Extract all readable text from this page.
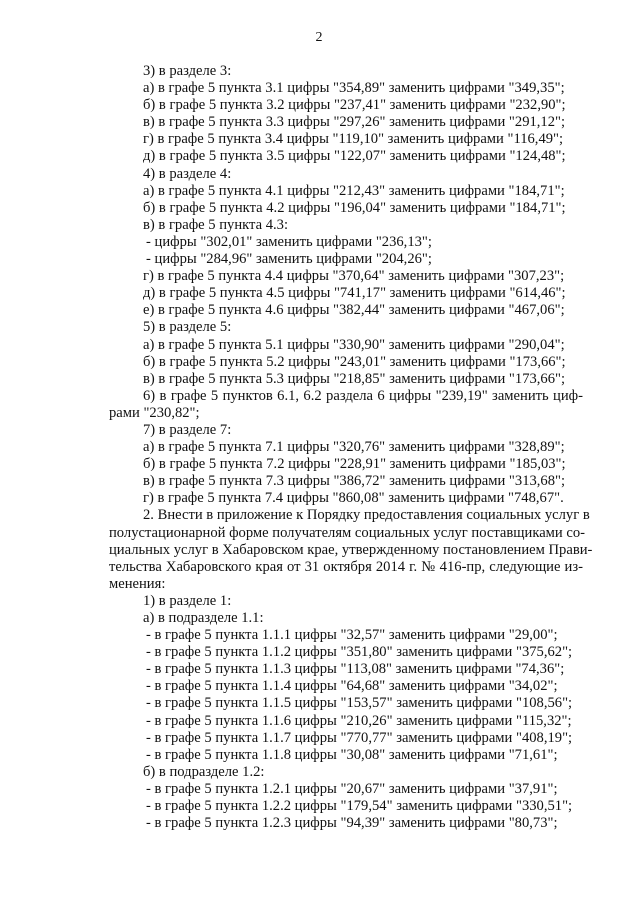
2
3) в разделе 3:
а) в графе 5 пункта 3.1 цифры "354,89" заменить цифрами "349,35";
б) в графе 5 пункта 3.2 цифры "237,41" заменить цифрами "232,90";
в) в графе 5 пункта 3.3 цифры "297,26" заменить цифрами "291,12";
г) в графе 5 пункта 3.4 цифры "119,10" заменить цифрами "116,49";
д) в графе 5 пункта 3.5 цифры "122,07" заменить цифрами "124,48";
4) в разделе 4:
а) в графе 5 пункта 4.1 цифры "212,43" заменить цифрами "184,71";
б) в графе 5 пункта 4.2 цифры "196,04" заменить цифрами "184,71";
в) в графе 5 пункта 4.3:
- цифры "302,01" заменить цифрами "236,13";
- цифры "284,96" заменить цифрами "204,26";
г) в графе 5 пункта 4.4 цифры "370,64" заменить цифрами "307,23";
д) в графе 5 пункта 4.5 цифры "741,17" заменить цифрами "614,46";
е) в графе 5 пункта 4.6 цифры "382,44" заменить цифрами "467,06";
5) в разделе 5:
а) в графе 5 пункта 5.1 цифры "330,90" заменить цифрами "290,04";
б) в графе 5 пункта 5.2 цифры "243,01" заменить цифрами "173,66";
в) в графе 5 пункта 5.3 цифры "218,85" заменить цифрами "173,66";
6) в графе 5 пунктов 6.1, 6.2 раздела 6 цифры "239,19" заменить циф-
рами "230,82";
7) в разделе 7:
а) в графе 5 пункта 7.1 цифры "320,76" заменить цифрами "328,89";
б) в графе 5 пункта 7.2 цифры "228,91" заменить цифрами "185,03";
в) в графе 5 пункта 7.3 цифры "386,72" заменить цифрами "313,68";
г) в графе 5 пункта 7.4 цифры "860,08" заменить цифрами "748,67".
2. Внести в приложение к Порядку предоставления социальных услуг в
полустационарной форме получателям социальных услуг поставщиками со-
циальных услуг в Хабаровском крае, утвержденному постановлением Прави-
тельства Хабаровского края от 31 октября 2014 г. № 416-пр, следующие из-
менения:
1) в разделе 1:
а) в подразделе 1.1:
- в графе 5 пункта 1.1.1 цифры "32,57" заменить цифрами "29,00";
- в графе 5 пункта 1.1.2 цифры "351,80" заменить цифрами "375,62";
- в графе 5 пункта 1.1.3 цифры "113,08" заменить цифрами "74,36";
- в графе 5 пункта 1.1.4 цифры "64,68" заменить цифрами "34,02";
- в графе 5 пункта 1.1.5 цифры "153,57" заменить цифрами "108,56";
- в графе 5 пункта 1.1.6 цифры "210,26" заменить цифрами "115,32";
- в графе 5 пункта 1.1.7 цифры "770,77" заменить цифрами "408,19";
- в графе 5 пункта 1.1.8 цифры "30,08" заменить цифрами "71,61";
б) в подразделе 1.2:
- в графе 5 пункта 1.2.1 цифры "20,67" заменить цифрами "37,91";
- в графе 5 пункта 1.2.2 цифры "179,54" заменить цифрами "330,51";
- в графе 5 пункта 1.2.3 цифры "94,39" заменить цифрами "80,73";
